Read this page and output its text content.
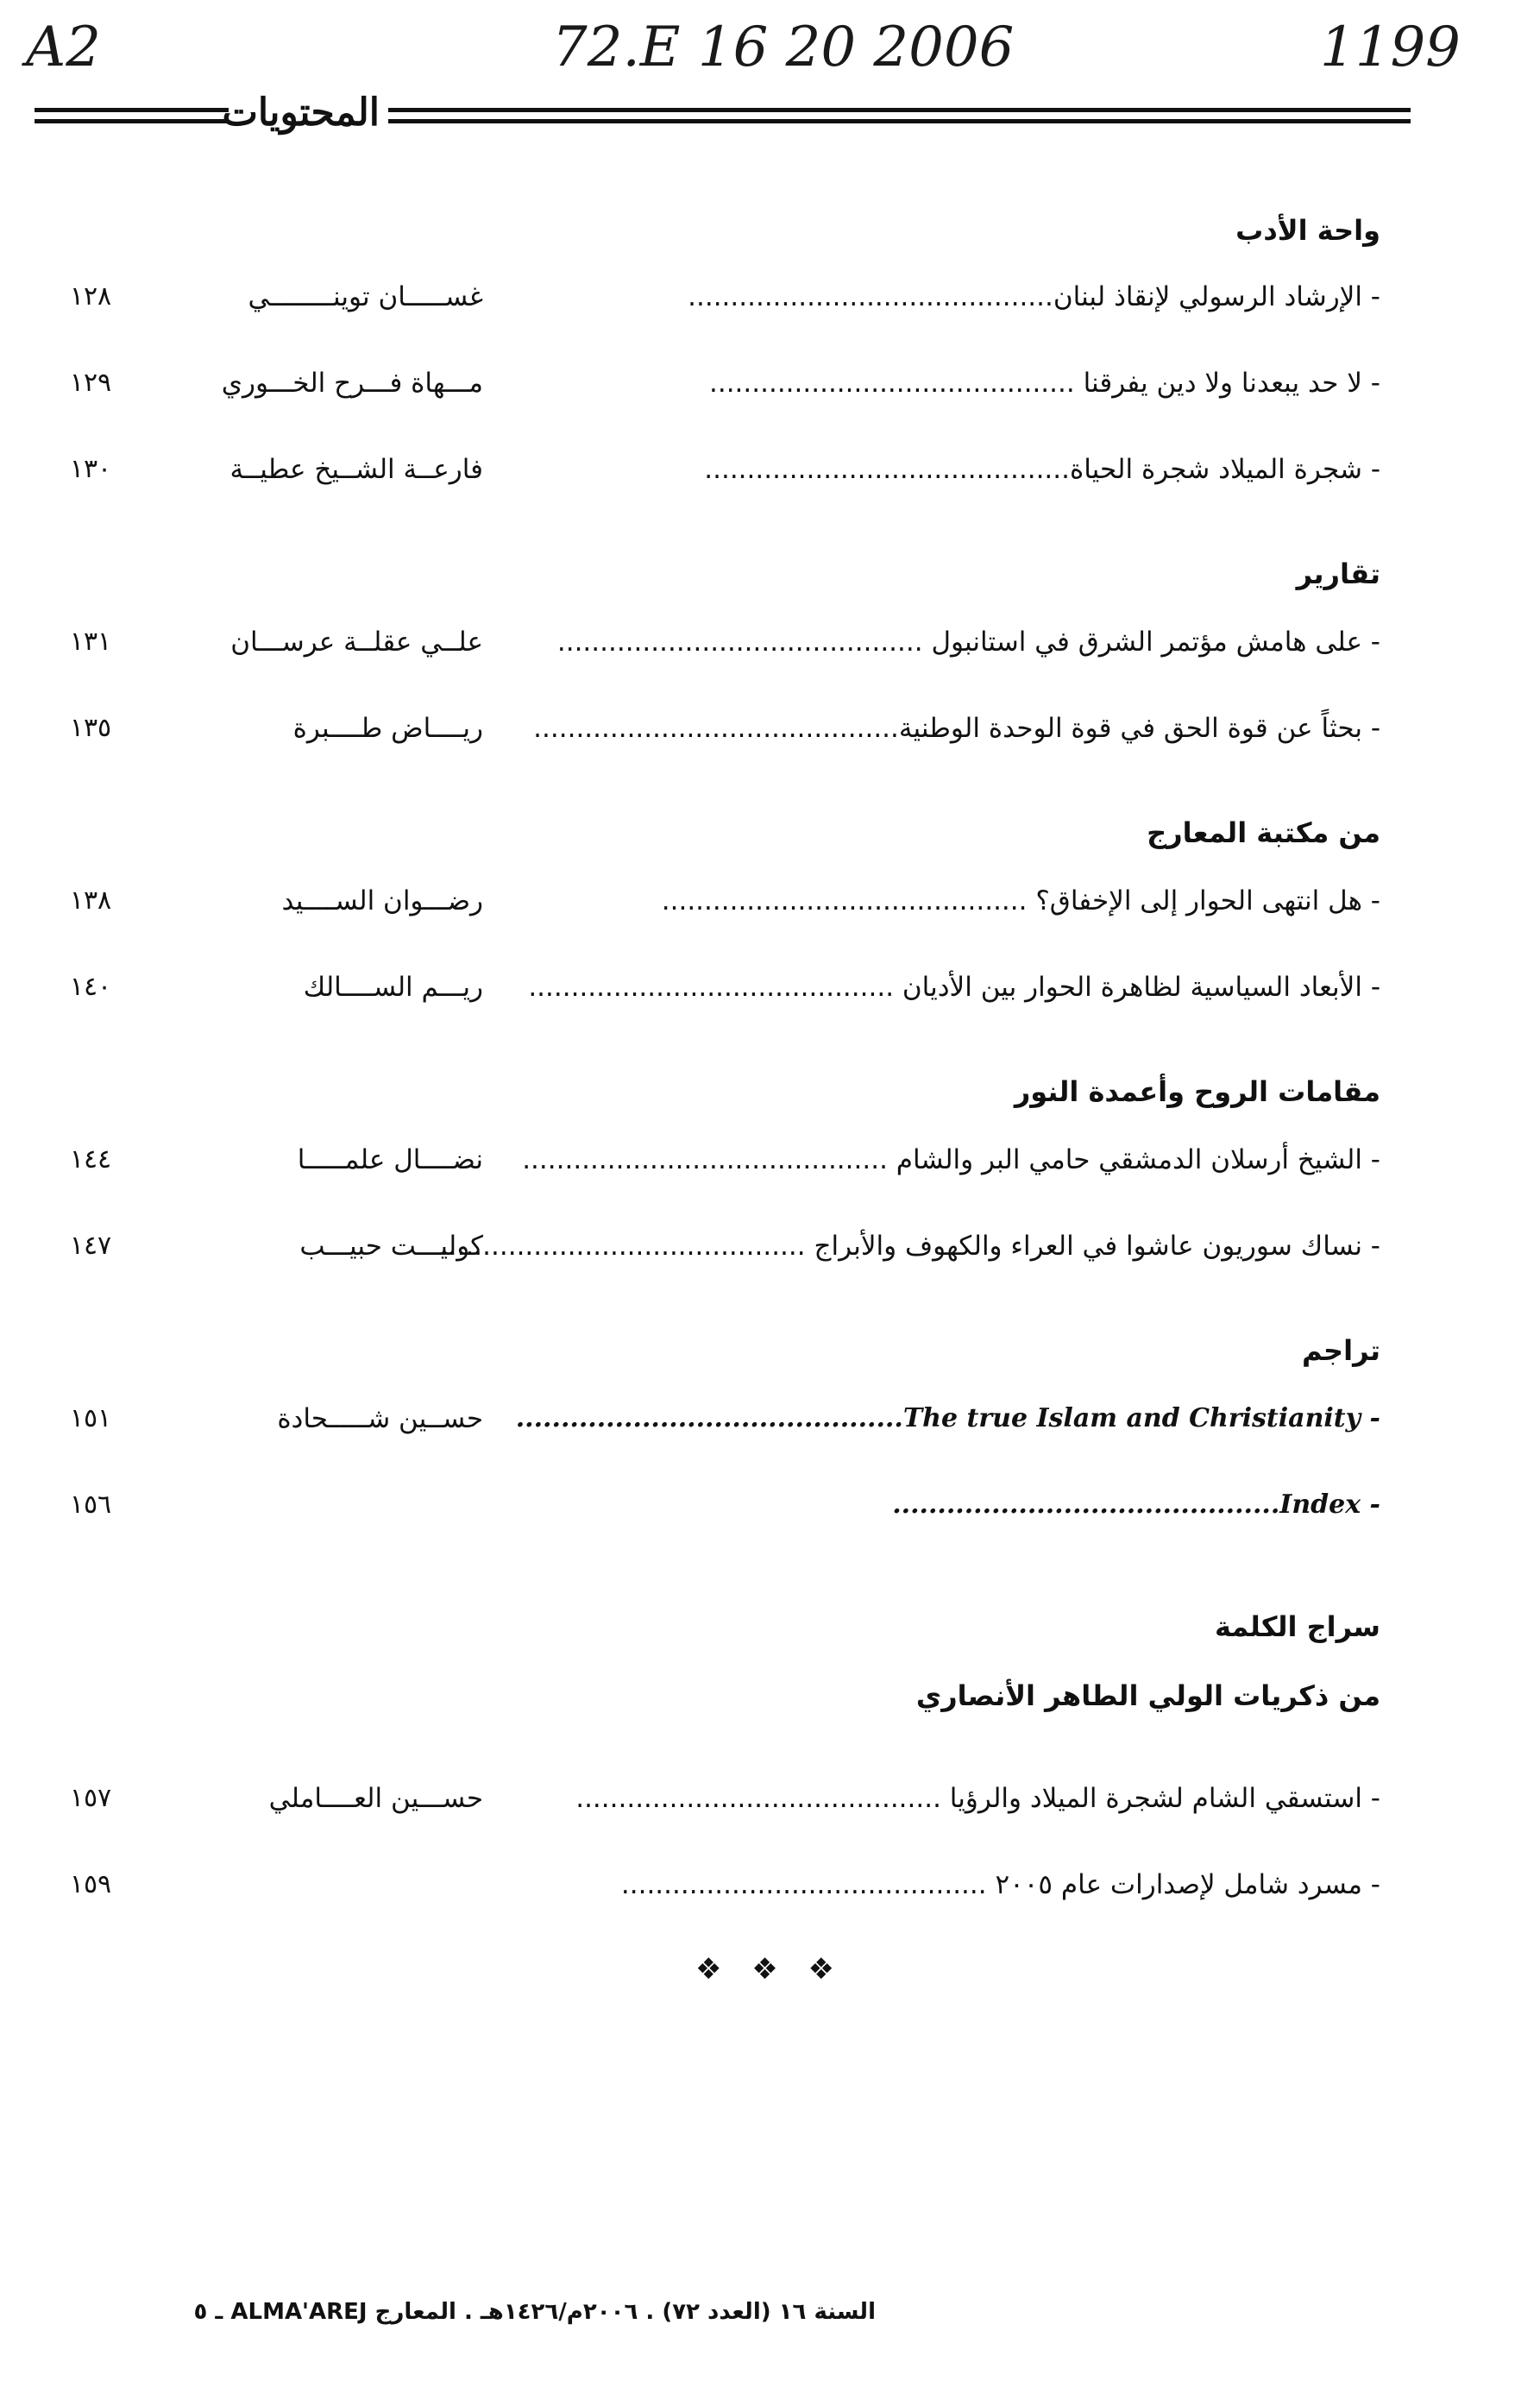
A2	72.E 16 20 2006	1199
المحتويات
واحة الأدب
- الإرشاد الرسولي لإنقاذ لبنان...........................................
غســـــان توينــــــــي
١٢٨
- لا حد يبعدنا ولا دين يفرقنا ...........................................
مـــهاة فـــرح الخـــوري
١٢٩
- شجرة الميلاد شجرة الحياة...........................................
فارعــة الشــيخ عطيــة
١٣٠
تقارير
- على هامش مؤتمر الشرق في استانبول ...........................................
علــي عقلــة عرســـان
١٣١
- بحثاً عن قوة الحق في قوة الوحدة الوطنية...........................................
ريــــاض طــــبرة
١٣٥
من مكتبة المعارج
- هل انتهى الحوار إلى الإخفاق؟ ...........................................
رضـــوان الســــيد
١٣٨
- الأبعاد السياسية لظاهرة الحوار بين الأديان ...........................................
ريـــم الســــالك
١٤٠
مقامات الروح وأعمدة النور
- الشيخ أرسلان الدمشقي حامي البر والشام ...........................................
نضــــال علمـــــا
١٤٤
- نساك سوريون عاشوا في العراء والكهوف والأبراج ...........................................
كوليـــت حبيـــب
١٤٧
تراجم
- The true Islam and Christianity...........................................
حســين شـــــحادة
١٥١
- Index...........................................
١٥٦
سراج الكلمة
من ذكريات الولي الطاهر الأنصاري
- استسقي الشام لشجرة الميلاد والرؤيا ...........................................
حســـين العــــاملي
١٥٧
- مسرد شامل لإصدارات عام ٢٠٠٥ ...........................................
١٥٩
❖ ❖ ❖
السنة ١٦ (العدد ٧٢) . ٢٠٠٦م/١٤٢٦هـ . المعارج ALMA'AREJ ـ ٥
